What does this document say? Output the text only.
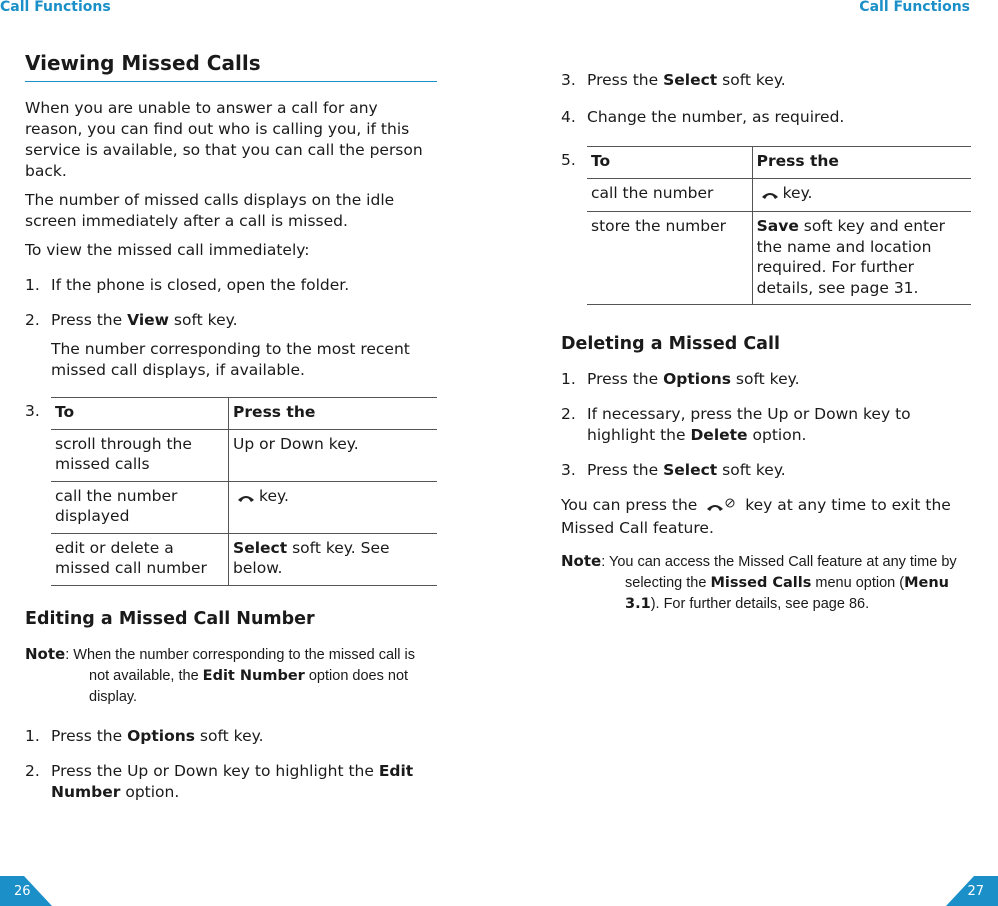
Call Functions
Viewing Missed Calls

When you are unable to answer a call for any reason, you can find out who is calling you, if this service is available, so that you can call the person back.

The number of missed calls displays on the idle screen immediately after a call is missed.

To view the missed call immediately:

1. If the phone is closed, open the folder.
2. Press the View soft key.

The number corresponding to the most recent missed call displays, if available.

3. To	Press the
scroll through the missed calls	Up or Down key.
call the number displayed	key.
edit or delete a missed call number	Select soft key. See below.
Editing a Missed Call Number

Note: When the number corresponding to the missed call is not available, the Edit Number option does not display.

1. Press the Options soft key.
2. Press the Up or Down key to highlight the Edit Number option.
26
Call Functions
3. Press the Select soft key.
4. Change the number, as required.
5. To	Press the
call the number	key.
store the number	Save soft key and enter the name and location required. For further details, see page 31.
Deleting a Missed Call
1. Press the Options soft key.
2. If necessary, press the Up or Down key to highlight the Delete option.
3. Press the Select soft key.

You can press the	key at any time to exit the Missed Call feature.

Note: You can access the Missed Call feature at any time by selecting the Missed Calls menu option (Menu 3.1). For further details, see page 86.

27
